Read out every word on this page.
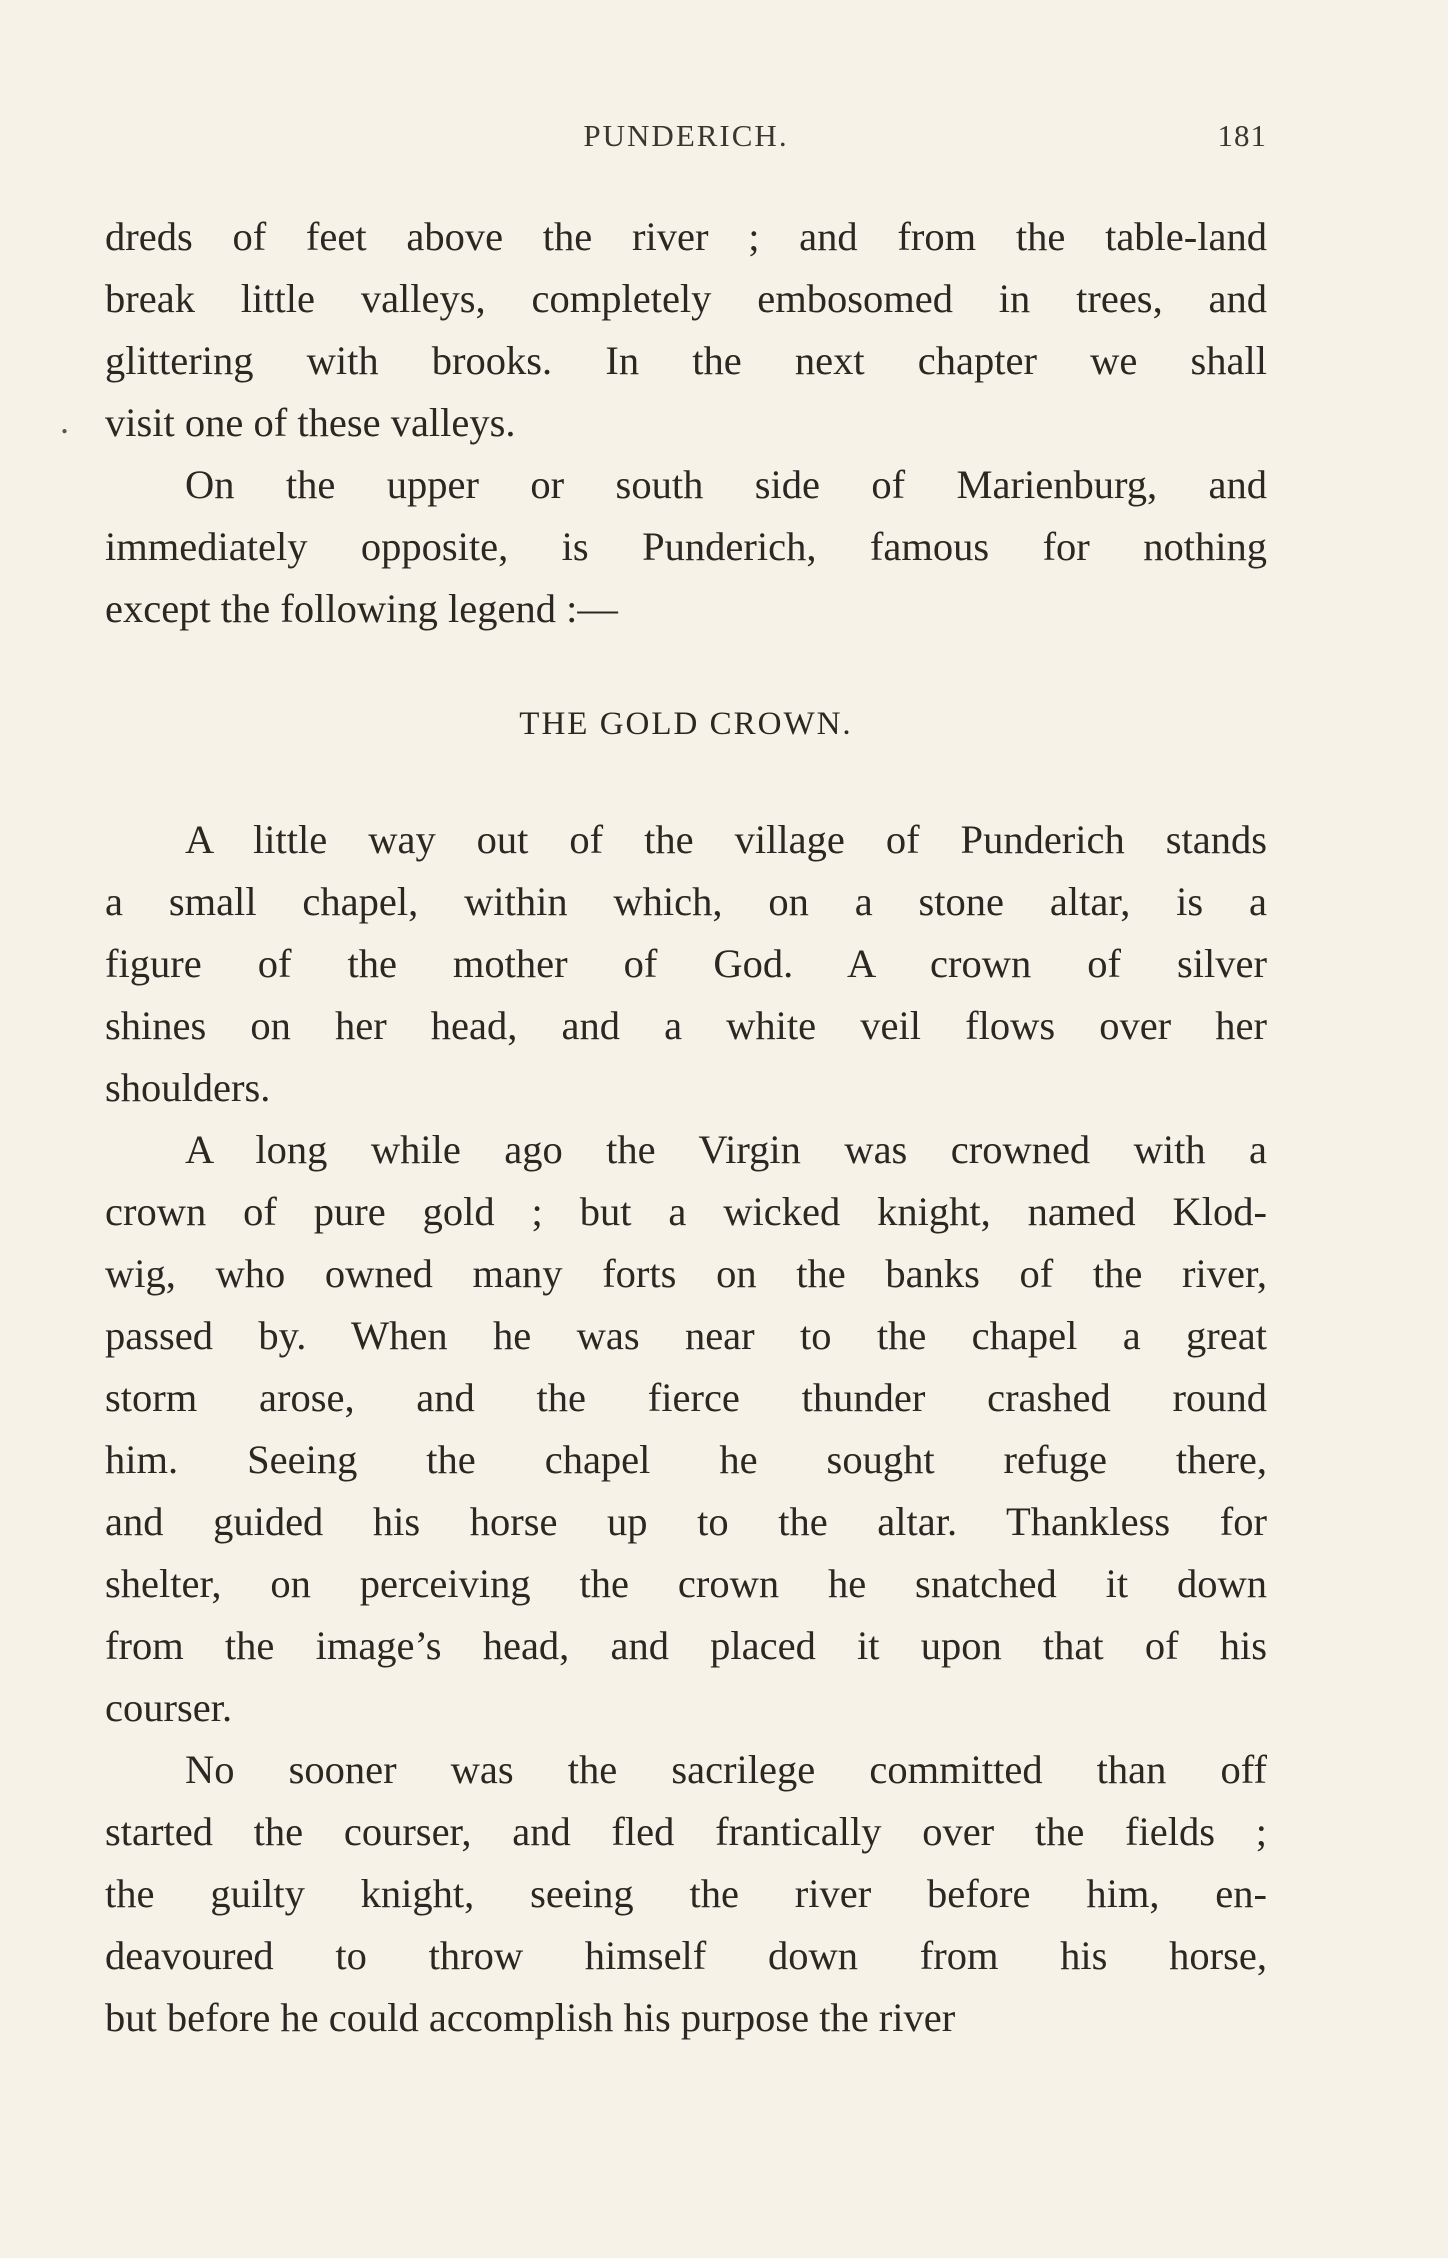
PUNDERICH.	181
.
dreds of feet above the river ; and from the table-land
break little valleys, completely embosomed in trees, and
glittering with brooks. In the next chapter we shall
visit one of these valleys.
On the upper or south side of Marienburg, and
immediately opposite, is Punderich, famous for nothing
except the following legend :—
THE GOLD CROWN.
A little way out of the village of Punderich stands
a small chapel, within which, on a stone altar, is a
figure of the mother of God. A crown of silver
shines on her head, and a white veil flows over her
shoulders.
A long while ago the Virgin was crowned with a
crown of pure gold ; but a wicked knight, named Klod-
wig, who owned many forts on the banks of the river,
passed by. When he was near to the chapel a great
storm arose, and the fierce thunder crashed round
him. Seeing the chapel he sought refuge there,
and guided his horse up to the altar. Thankless for
shelter, on perceiving the crown he snatched it down
from the image’s head, and placed it upon that of his
courser.
No sooner was the sacrilege committed than off
started the courser, and fled frantically over the fields ;
the guilty knight, seeing the river before him, en-
deavoured to throw himself down from his horse,
but before he could accomplish his purpose the river
